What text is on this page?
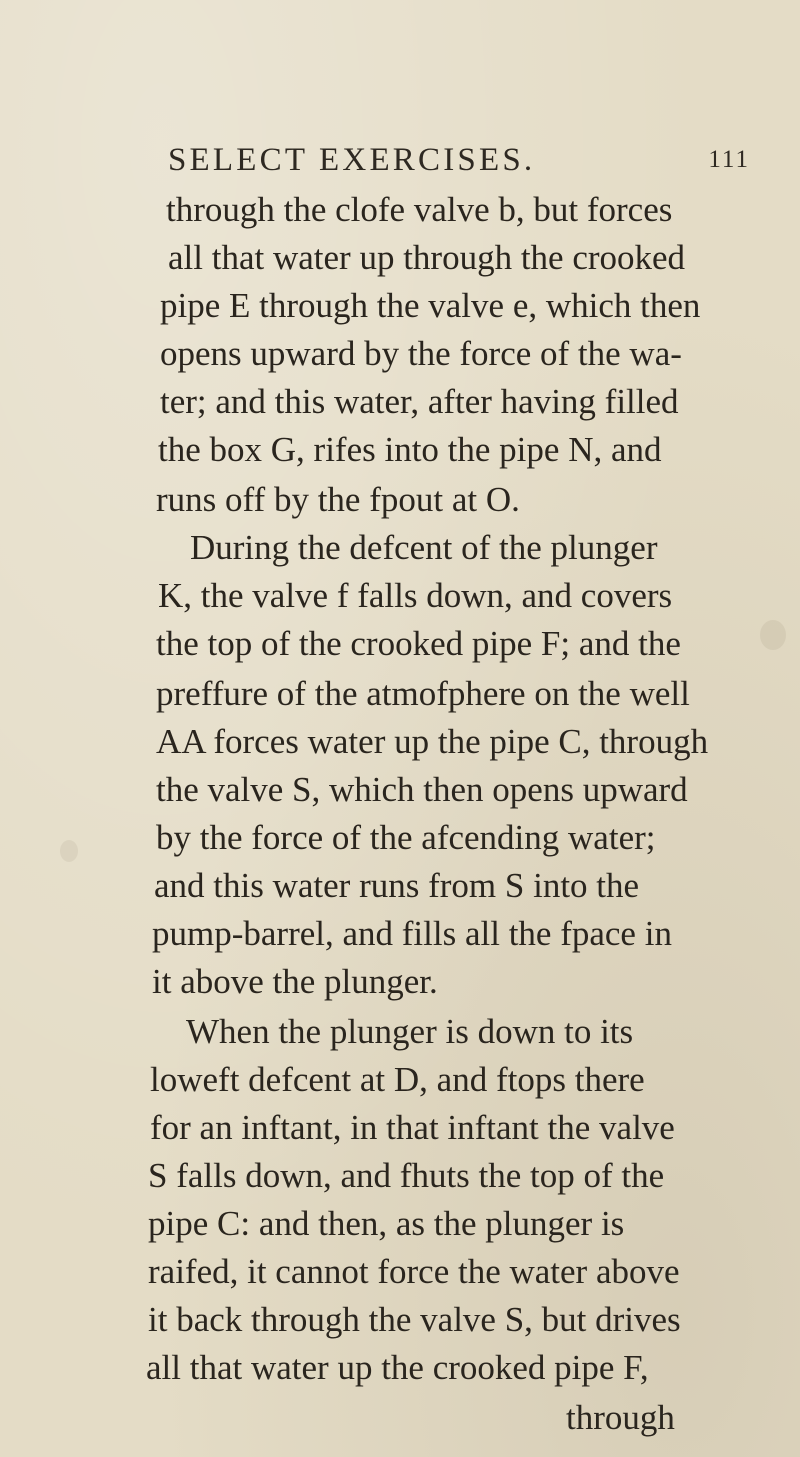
SELECT EXERCISES.	111
through the clofe valve b, but forces
all that water up through the crooked
pipe E through the valve e, which then
opens upward by the force of the wa-
ter; and this water, after having filled
the box G, rifes into the pipe N, and
runs off by the fpout at O.
During the defcent of the plunger
K, the valve f falls down, and covers
the top of the crooked pipe F; and the
preffure of the atmofphere on the well
AA forces water up the pipe C, through
the valve S, which then opens upward
by the force of the afcending water;
and this water runs from S into the
pump-barrel, and fills all the fpace in
it above the plunger.
When the plunger is down to its
loweft defcent at D, and ftops there
for an inftant, in that inftant the valve
S falls down, and fhuts the top of the
pipe C: and then, as the plunger is
raifed, it cannot force the water above
it back through the valve S, but drives
all that water up the crooked pipe F,
through
